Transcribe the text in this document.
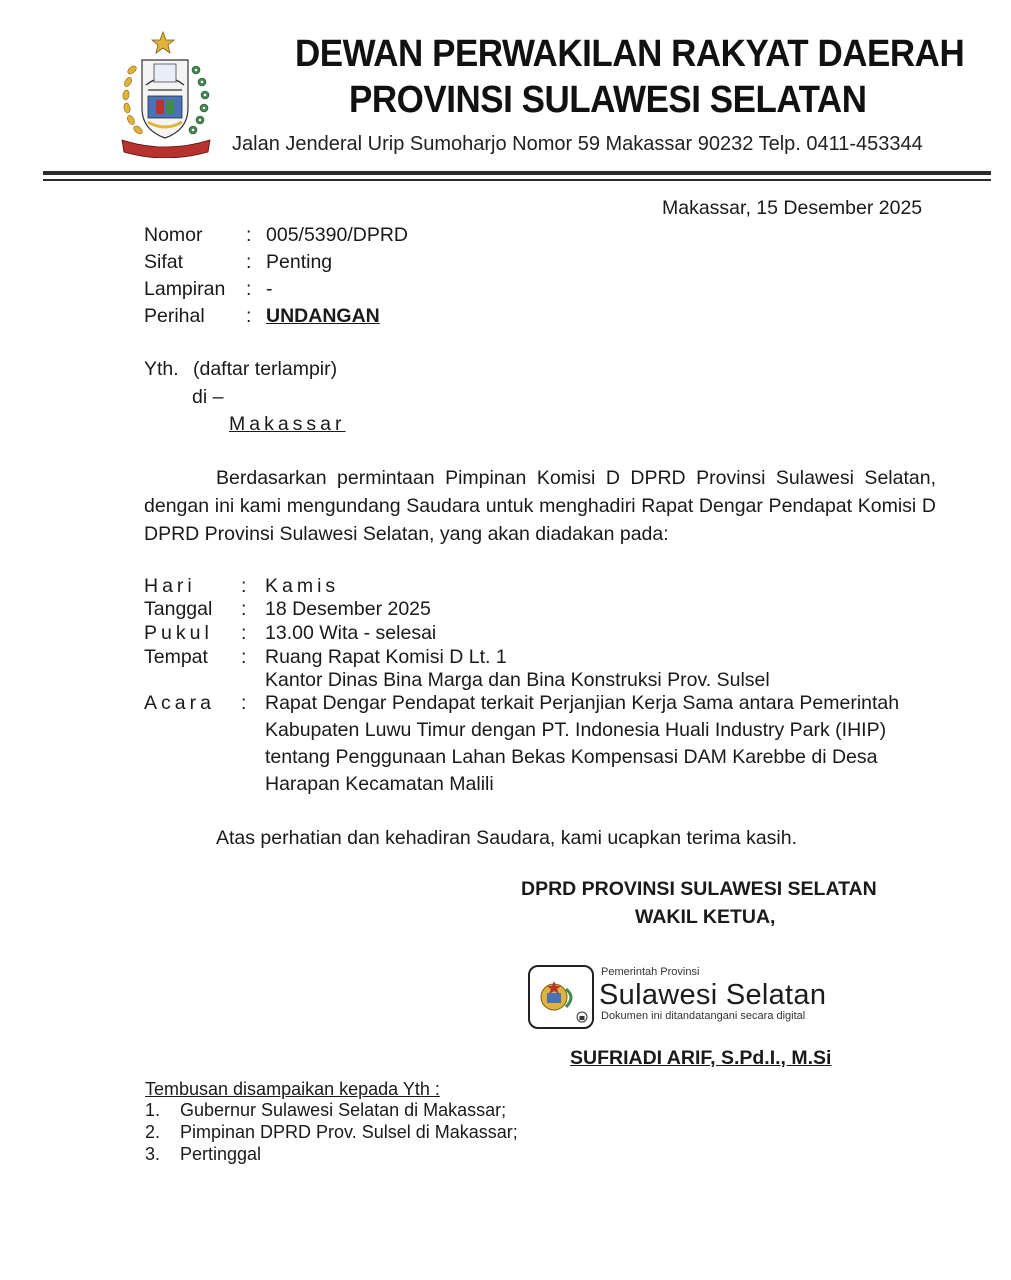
DEWAN PERWAKILAN RAKYAT DAERAH
PROVINSI SULAWESI SELATAN
Jalan Jenderal Urip Sumoharjo Nomor 59 Makassar 90232 Telp. 0411-453344
Makassar, 15 Desember 2025
Nomor : 005/5390/DPRD
Sifat	: Penting
Lampiran : -
Perihal : UNDANGAN
Yth. (daftar terlampir)
di –
Makassar
Berdasarkan permintaan Pimpinan Komisi D DPRD Provinsi Sulawesi Selatan, dengan ini kami mengundang Saudara untuk menghadiri Rapat Dengar Pendapat Komisi D DPRD Provinsi Sulawesi Selatan, yang akan diadakan pada:
Hari : Kamis
Tanggal : 18 Desember 2025
Pukul : 13.00 Wita - selesai
Tempat : Ruang Rapat Komisi D Lt. 1
Kantor Dinas Bina Marga dan Bina Konstruksi Prov. Sulsel
Acara : Rapat Dengar Pendapat terkait Perjanjian Kerja Sama antara Pemerintah Kabupaten Luwu Timur dengan PT. Indonesia Huali Industry Park (IHIP) tentang Penggunaan Lahan Bekas Kompensasi DAM Karebbe di Desa Harapan Kecamatan Malili
Atas perhatian dan kehadiran Saudara, kami ucapkan terima kasih.
DPRD PROVINSI SULAWESI SELATAN
WAKIL KETUA,
Pemerintah Provinsi
Sulawesi Selatan
Dokumen ini ditandatangani secara digital
SUFRIADI ARIF, S.Pd.I., M.Si
Tembusan disampaikan kepada Yth :
1. Gubernur Sulawesi Selatan di Makassar;
2. Pimpinan DPRD Prov. Sulsel di Makassar;
3. Pertinggal
